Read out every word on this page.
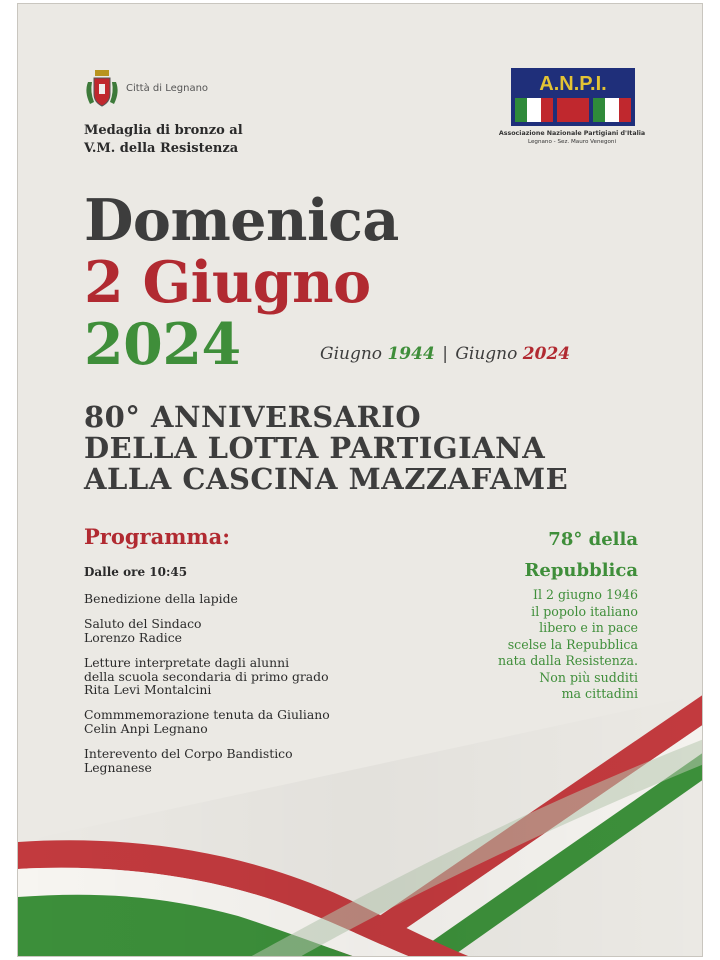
Città di Legnano
Medaglia di bronzo al
V.M. della Resistenza
A.N.P.I.
Associazione Nazionale Partigiani d'Italia
Legnano - Sez. Mauro Venegoni
Domenica
2 Giugno
2024	Giugno 1944 | Giugno 2024
80° ANNIVERSARIO
DELLA LOTTA PARTIGIANA
ALLA CASCINA MAZZAFAME
Programma:
Dalle ore 10:45
Benedizione della lapide
Saluto del Sindaco
Lorenzo Radice
Letture interpretate dagli alunni
della scuola secondaria di primo grado
Rita Levi Montalcini
Commmemorazione tenuta da Giuliano
Celin Anpi Legnano
Interevento del Corpo Bandistico
Legnanese
78° della
Repubblica
Il 2 giugno 1946
il popolo italiano
libero e in pace
scelse la Repubblica
nata dalla Resistenza.
Non più sudditi
ma cittadini
